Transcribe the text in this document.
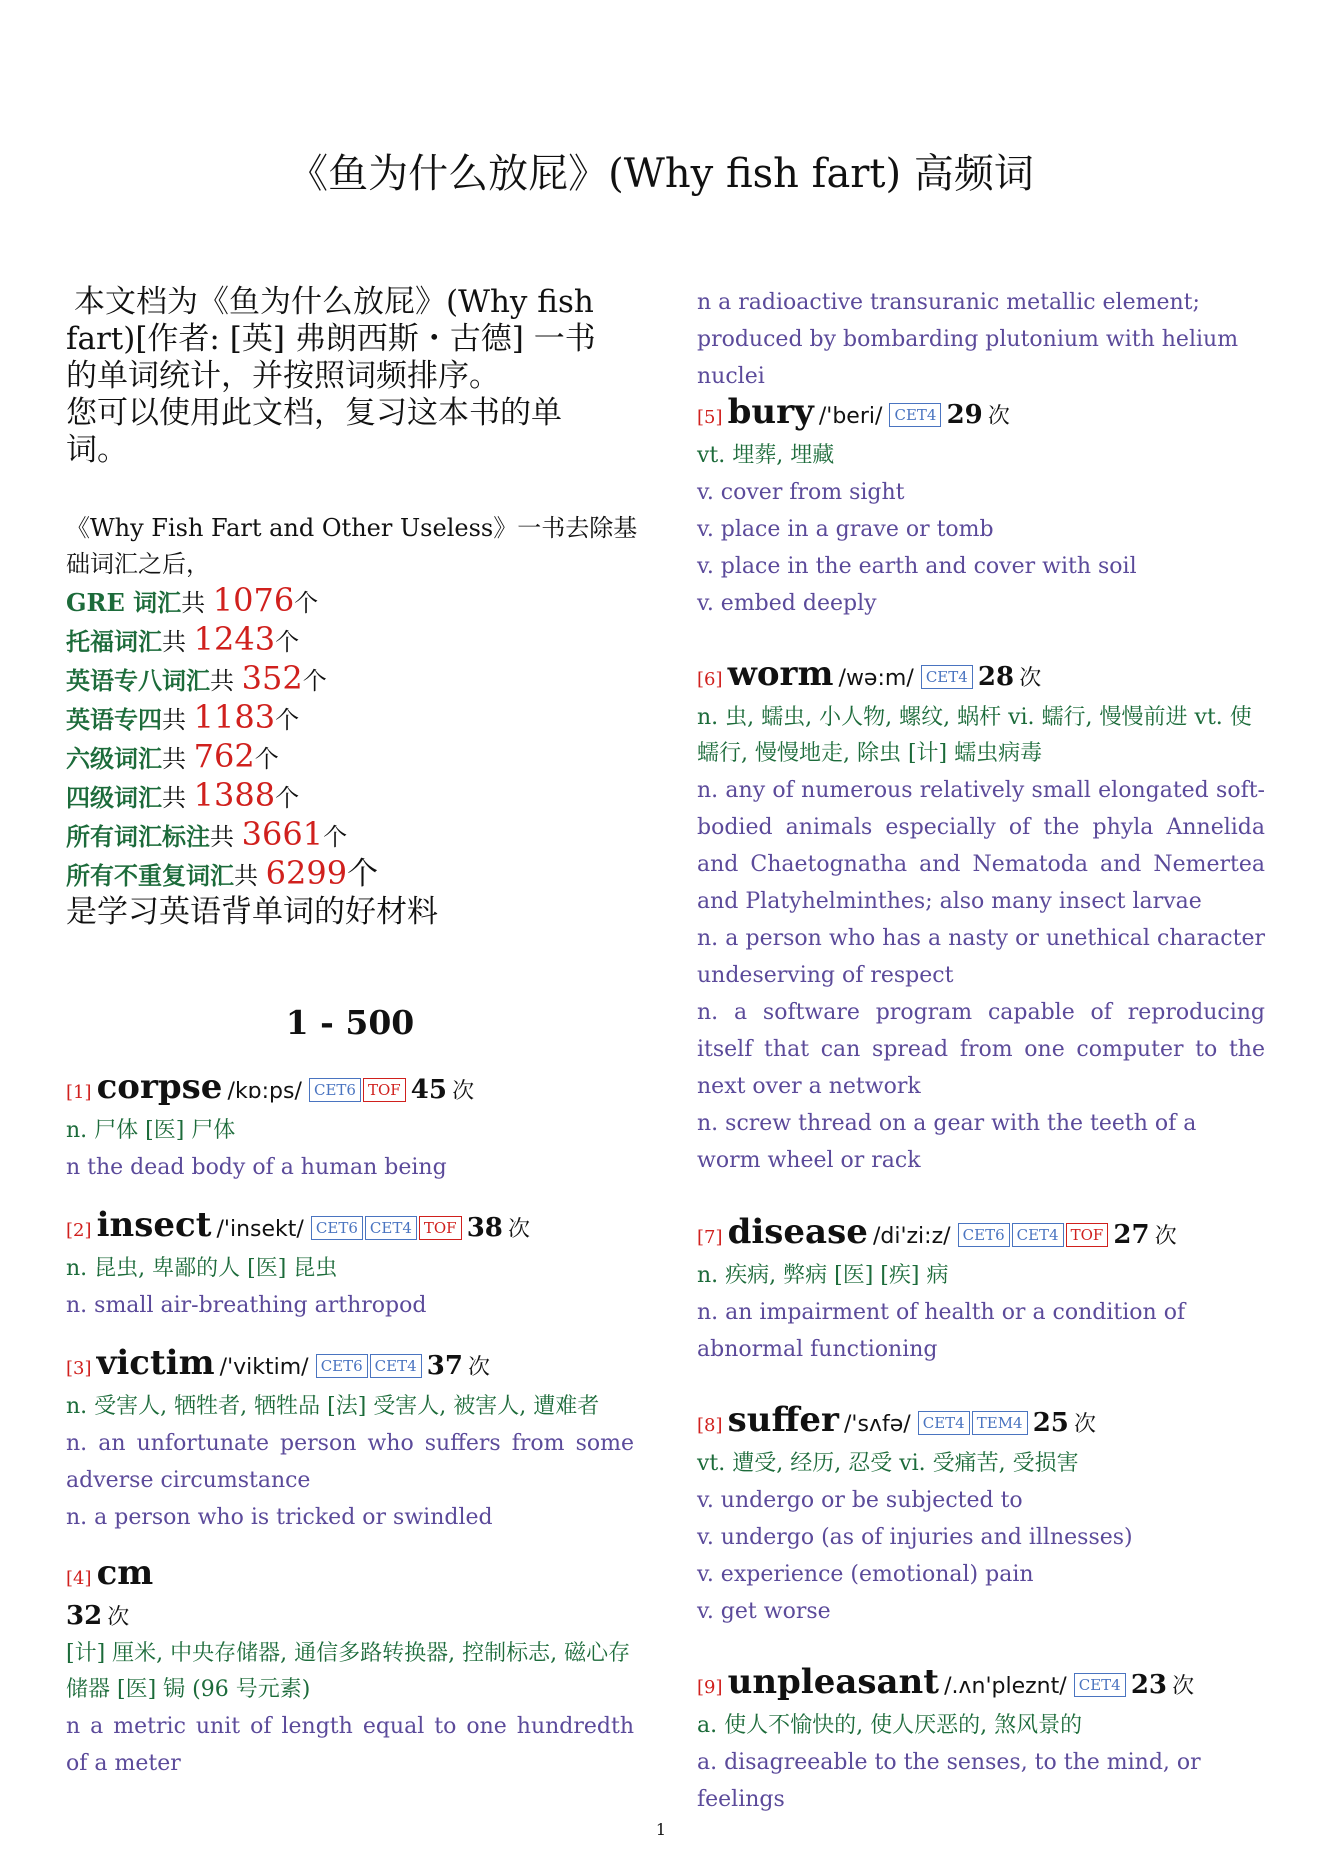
《鱼为什么放屁》(Why fish fart) 高频词
本文档为《鱼为什么放屁》(Why fish
fart)[作者: [英] 弗朗西斯・古德] 一书
的单词统计，并按照词频排序。
您可以使用此文档，复习这本书的单
词。
《Why Fish Fart and Other Useless》一书去除基
础词汇之后，
GRE 词汇共 1076个
托福词汇共 1243个
英语专八词汇共 352个
英语专四共 1183个
六级词汇共 762个
四级词汇共 1388个
所有词汇标注共 3661个
所有不重复词汇共 6299个
是学习英语背单词的好材料
1 - 500
[1] corpse /kɒ:ps/ CET6 TOF 45 次
n. 尸体 [医] 尸体
n the dead body of a human being
[2] insect /'insekt/ CET6 CET4 TOF 38 次
n. 昆虫, 卑鄙的人 [医] 昆虫
n. small air-breathing arthropod
[3] victim /'viktim/ CET6 CET4 37 次
n. 受害人, 牺牲者, 牺牲品 [法] 受害人, 被害人, 遭难者
n. an unfortunate person who suffers from some adverse circumstance
n. a person who is tricked or swindled
[4] cm
32 次
[计] 厘米, 中央存储器, 通信多路转换器, 控制标志, 磁心存储器 [医] 锔 (96 号元素)
n a metric unit of length equal to one hundredth of a meter
n a radioactive transuranic metallic element; produced by bombarding plutonium with helium nuclei
[5] bury /'beri/ CET4 29 次
vt. 埋葬, 埋藏
v. cover from sight
v. place in a grave or tomb
v. place in the earth and cover with soil
v. embed deeply
[6] worm /wə:m/ CET4 28 次
n. 虫, 蠕虫, 小人物, 螺纹, 蜗杆 vi. 蠕行, 慢慢前进 vt. 使蠕行, 慢慢地走, 除虫 [计] 蠕虫病毒
n. any of numerous relatively small elongated soft-bodied animals especially of the phyla Annelida and Chaetognatha and Nematoda and Nemertea and Platyhelminthes; also many insect larvae
n. a person who has a nasty or unethical character undeserving of respect
n. a software program capable of reproducing itself that can spread from one computer to the next over a network
n. screw thread on a gear with the teeth of a worm wheel or rack
[7] disease /di'zi:z/ CET6 CET4 TOF 27 次
n. 疾病, 弊病 [医] [疾] 病
n. an impairment of health or a condition of abnormal functioning
[8] suffer /'sʌfə/ CET4 TEM4 25 次
vt. 遭受, 经历, 忍受 vi. 受痛苦, 受损害
v. undergo or be subjected to
v. undergo (as of injuries and illnesses)
v. experience (emotional) pain
v. get worse
[9] unpleasant /.ʌn'pleznt/ CET4 23 次
a. 使人不愉快的, 使人厌恶的, 煞风景的
a. disagreeable to the senses, to the mind, or feelings
1
